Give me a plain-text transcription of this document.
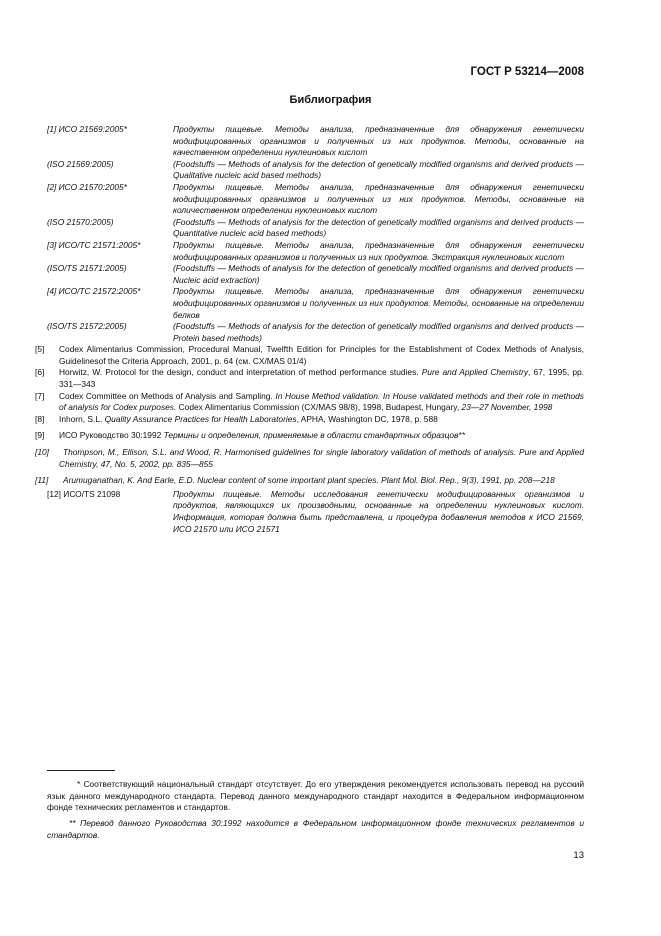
ГОСТ Р 53214—2008
Библиография
[1] ИСО 21569:2005*	Продукты пищевые. Методы анализа, предназначенные для обнаружения генетически модифицированных организмов и полученных из них продуктов. Методы, основанные на качественном определении нуклеиновых кислот
(ISO 21569:2005)	(Foodstuffs — Methods of analysis for the detection of genetically modified organisms and derived products — Qualitative nucleic acid based methods)
[2] ИСО 21570:2005*	Продукты пищевые. Методы анализа, предназначенные для обнаружения генетически модифицированных организмов и полученных из них продуктов. Методы, основанные на количественном определении нуклеиновых кислот
(ISO 21570:2005)	(Foodstuffs — Methods of analysis for the detection of genetically modified organisms and derived products — Quantitative nucleic acid based methods)
[3] ИСО/ТС 21571:2005*	Продукты пищевые. Методы анализа, предназначенные для обнаружения генетически модифицированных организмов и полученных из них продуктов. Экстракция нуклеиновых кислот
(ISO/TS 21571:2005)	(Foodstuffs — Methods of analysis for the detection of genetically modified organisms and derived products — Nucleic acid extraction)
[4] ИСО/ТС 21572:2005*	Продукты пищевые. Методы анализа, предназначенные для обнаружения генетически модифицированных организмов и полученных из них продуктов. Методы, основанные на определении белков
(ISO/TS 21572:2005)	(Foodstuffs — Methods of analysis for the detection of genetically modified organisms and derived products — Protein based methods)
[5] Codex Alimentarius Commission, Procedural Manual, Twelfth Edition for Principles for the Establishment of Codex Methods of Analysis, Guidelinesof the Criteria Approach, 2001, p. 64 (см. CX/MAS 01/4)
[6] Horwitz, W. Protocol for the design, conduct and interpretation of method performance studies. Pure and Applied Chemistry, 67, 1995, pp. 331—343
[7] Codex Committee on Methods of Analysis and Sampling. In House Method validation. In House validated methods and their role in methods of analysis for Codex purposes. Codex Alimentarius Commission (CX/MAS 98/8), 1998, Budapest, Hungary, 23—27 November, 1998
[8] Inhorn, S.L. Quality Assurance Practices for Health Laboratories, APHA, Washington DC, 1978, p. 588
[9] ИСО Руководство 30:1992 Термины и определения, применяемые в области стандартных образцов**
[10] Thompson, M., Ellison, S.L. and Wood, R. Harmonised guidelines for single laboratory validation of methods of analysis. Pure and Applied Chemistry, 47, No. 5, 2002, pp. 835—855
[11] Arumuganathan, K. And Earle, E.D. Nuclear content of some important plant species. Plant Mol. Biol. Rep., 9(3), 1991, pp. 208—218
[12] ИСО/ТS 21098	Продукты пищевые. Методы исследования генетически модифицированных организмов и продуктов, являющихся их производными, основанные на определении нуклеиновых кислот. Информация, которая должна быть представлена, и процедура добавления методов к ИСО 21569, ИСО 21570 или ИСО 21571
* Соответствующий национальный стандарт отсутствует. До его утверждения рекомендуется использовать перевод на русский язык данного международного стандарта. Перевод данного международного стандарт находится в Федеральном информационном фонде технических регламентов и стандартов.
** Перевод данного Руководства 30:1992 находится в Федеральном информационном фонде технических регламентов и стандартов.
13
